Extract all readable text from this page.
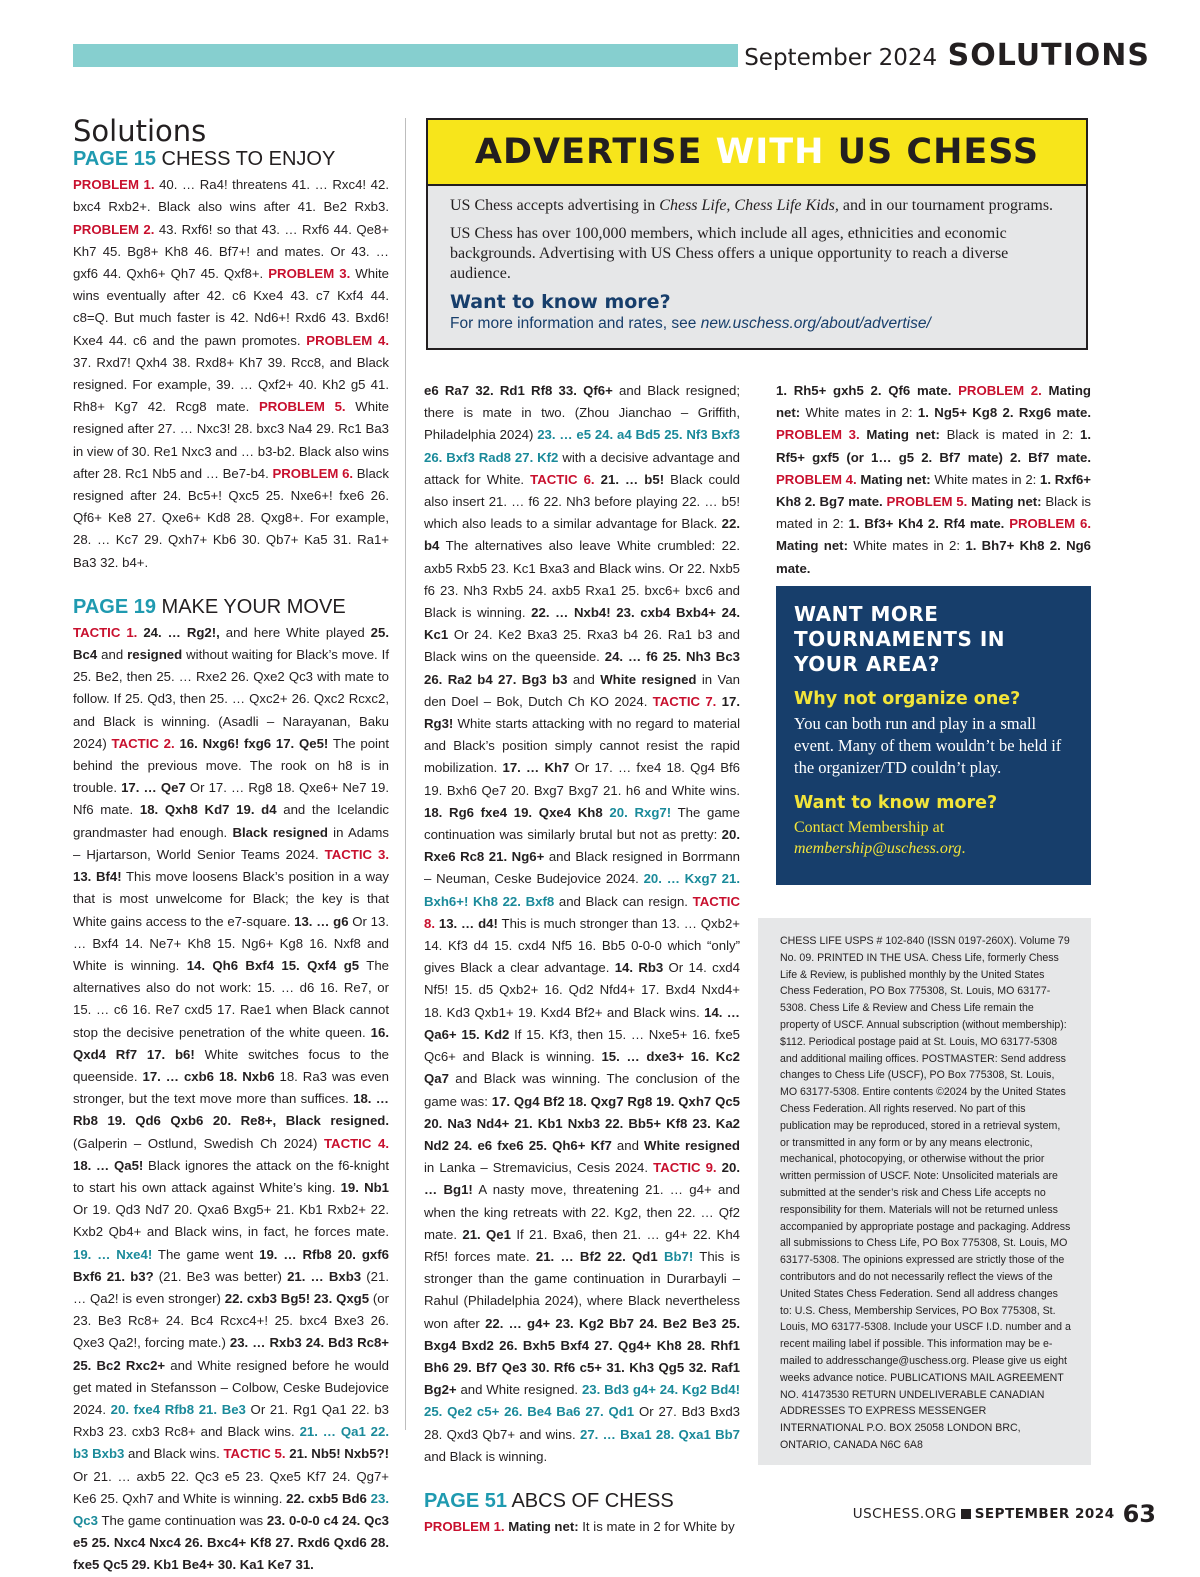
September 2024 SOLUTIONS
Solutions
PAGE 15 CHESS TO ENJOY

PROBLEM 1. 40. … Ra4! threatens 41. … Rxc4! 42. bxc4 Rxb2+. Black also wins after 41. Be2 Rxb3. PROBLEM 2. 43. Rxf6! so that 43. … Rxf6 44. Qe8+ Kh7 45. Bg8+ Kh8 46. Bf7+! and mates. Or 43. … gxf6 44. Qxh6+ Qh7 45. Qxf8+. PROBLEM 3. White wins eventually after 42. c6 Kxe4 43. c7 Kxf4 44. c8=Q. But much faster is 42. Nd6+! Rxd6 43. Bxd6! Kxe4 44. c6 and the pawn promotes. PROBLEM 4. 37. Rxd7! Qxh4 38. Rxd8+ Kh7 39. Rcc8, and Black resigned. For example, 39. … Qxf2+ 40. Kh2 g5 41. Rh8+ Kg7 42. Rcg8 mate. PROBLEM 5. White resigned after 27. … Nxc3! 28. bxc3 Na4 29. Rc1 Ba3 in view of 30. Re1 Nxc3 and … b3-b2. Black also wins after 28. Rc1 Nb5 and … Be7-b4. PROBLEM 6. Black resigned after 24. Bc5+! Qxc5 25. Nxe6+! fxe6 26. Qf6+ Ke8 27. Qxe6+ Kd8 28. Qxg8+. For example, 28. … Kc7 29. Qxh7+ Kb6 30. Qb7+ Ka5 31. Ra1+ Ba3 32. b4+.

PAGE 19 MAKE YOUR MOVE

TACTIC 1. 24. … Rg2!, and here White played 25. Bc4 and resigned without waiting for Black’s move. If 25. Be2, then 25. … Rxe2 26. Qxe2 Qc3 with mate to follow. If 25. Qd3, then 25. … Qxc2+ 26. Qxc2 Rcxc2, and Black is winning. (Asadli – Narayanan, Baku 2024) TACTIC 2. 16. Nxg6! fxg6 17. Qe5! The point behind the previous move. The rook on h8 is in trouble. 17. … Qe7 Or 17. … Rg8 18. Qxe6+ Ne7 19. Nf6 mate. 18. Qxh8 Kd7 19. d4 and the Icelandic grandmaster had enough. Black resigned in Adams – Hjartarson, World Senior Teams 2024. TACTIC 3. 13. Bf4! This move loosens Black’s position in a way that is most unwelcome for Black; the key is that White gains access to the e7-square. 13. … g6 Or 13. … Bxf4 14. Ne7+ Kh8 15. Ng6+ Kg8 16. Nxf8 and White is winning. 14. Qh6 Bxf4 15. Qxf4 g5 The alternatives also do not work: 15. … d6 16. Re7, or 15. … c6 16. Re7 cxd5 17. Rae1 when Black cannot stop the decisive penetration of the white queen. 16. Qxd4 Rf7 17. b6! White switches focus to the queenside. 17. … cxb6 18. Nxb6 18. Ra3 was even stronger, but the text move more than suffices. 18. … Rb8 19. Qd6 Qxb6 20. Re8+, Black resigned. (Galperin – Ostlund, Swedish Ch 2024) TACTIC 4. 18. … Qa5! Black ignores the attack on the f6-knight to start his own attack against White’s king. 19. Nb1 Or 19. Qd3 Nd7 20. Qxa6 Bxg5+ 21. Kb1 Rxb2+ 22. Kxb2 Qb4+ and Black wins, in fact, he forces mate. 19. … Nxe4! The game went 19. … Rfb8 20. gxf6 Bxf6 21. b3? (21. Be3 was better) 21. … Bxb3 (21. … Qa2! is even stronger) 22. cxb3 Bg5! 23. Qxg5 (or 23. Be3 Rc8+ 24. Bc4 Rcxc4+! 25. bxc4 Bxe3 26. Qxe3 Qa2!, forcing mate.) 23. … Rxb3 24. Bd3 Rc8+ 25. Bc2 Rxc2+ and White resigned before he would get mated in Stefansson – Colbow, Ceske Budejovice 2024. 20. fxe4 Rfb8 21. Be3 Or 21. Rg1 Qa1 22. b3 Rxb3 23. cxb3 Rc8+ and Black wins. 21. … Qa1 22. b3 Bxb3 and Black wins. TACTIC 5. 21. Nb5! Nxb5?! Or 21. … axb5 22. Qc3 e5 23. Qxe5 Kf7 24. Qg7+ Ke6 25. Qxh7 and White is winning. 22. cxb5 Bd6 23. Qc3 The game continuation was 23. 0-0-0 c4 24. Qc3 e5 25. Nxc4 Nxc4 26. Bxc4+ Kf8 27. Rxd6 Qxd6 28. fxe5 Qc5 29. Kb1 Be4+ 30. Ka1 Ke7 31.

ADVERTISE WITH US CHESS

US Chess accepts advertising in Chess Life, Chess Life Kids, and in our tournament programs.

US Chess has over 100,000 members, which include all ages, ethnicities and economic backgrounds. Advertising with US Chess offers a unique opportunity to reach a diverse audience.

Want to know more?
For more information and rates, see new.uschess.org/about/advertise/

e6 Ra7 32. Rd1 Rf8 33. Qf6+ and Black resigned; there is mate in two. (Zhou Jianchao – Griffith, Philadelphia 2024) 23. … e5 24. a4 Bd5 25. Nf3 Bxf3 26. Bxf3 Rad8 27. Kf2 with a decisive advantage and attack for White. TACTIC 6. 21. … b5! Black could also insert 21. … f6 22. Nh3 before playing 22. … b5! which also leads to a similar advantage for Black. 22. b4 The alternatives also leave White crumbled: 22. axb5 Rxb5 23. Kc1 Bxa3 and Black wins. Or 22. Nxb5 f6 23. Nh3 Rxb5 24. axb5 Rxa1 25. bxc6+ bxc6 and Black is winning. 22. … Nxb4! 23. cxb4 Bxb4+ 24. Kc1 Or 24. Ke2 Bxa3 25. Rxa3 b4 26. Ra1 b3 and Black wins on the queenside. 24. … f6 25. Nh3 Bc3 26. Ra2 b4 27. Bg3 b3 and White resigned in Van den Doel – Bok, Dutch Ch KO 2024. TACTIC 7. 17. Rg3! White starts attacking with no regard to material and Black’s position simply cannot resist the rapid mobilization. 17. … Kh7 Or 17. … fxe4 18. Qg4 Bf6 19. Bxh6 Qe7 20. Bxg7 Bxg7 21. h6 and White wins. 18. Rg6 fxe4 19. Qxe4 Kh8 20. Rxg7! The game continuation was similarly brutal but not as pretty: 20. Rxe6 Rc8 21. Ng6+ and Black resigned in Borrmann – Neuman, Ceske Budejovice 2024. 20. … Kxg7 21. Bxh6+! Kh8 22. Bxf8 and Black can resign. TACTIC 8. 13. … d4! This is much stronger than 13. … Qxb2+ 14. Kf3 d4 15. cxd4 Nf5 16. Bb5 0-0-0 which “only” gives Black a clear advantage. 14. Rb3 Or 14. cxd4 Nf5! 15. d5 Qxb2+ 16. Qd2 Nfd4+ 17. Bxd4 Nxd4+ 18. Kd3 Qxb1+ 19. Kxd4 Bf2+ and Black wins. 14. … Qa6+ 15. Kd2 If 15. Kf3, then 15. … Nxe5+ 16. fxe5 Qc6+ and Black is winning. 15. … dxe3+ 16. Kc2 Qa7 and Black was winning. The conclusion of the game was: 17. Qg4 Bf2 18. Qxg7 Rg8 19. Qxh7 Qc5 20. Na3 Nd4+ 21. Kb1 Nxb3 22. Bb5+ Kf8 23. Ka2 Nd2 24. e6 fxe6 25. Qh6+ Kf7 and White resigned in Lanka – Stremavicius, Cesis 2024. TACTIC 9. 20. … Bg1! A nasty move, threatening 21. … g4+ and when the king retreats with 22. Kg2, then 22. … Qf2 mate. 21. Qe1 If 21. Bxa6, then 21. … g4+ 22. Kh4 Rf5! forces mate. 21. … Bf2 22. Qd1 Bb7! This is stronger than the game continuation in Durarbayli – Rahul (Philadelphia 2024), where Black nevertheless won after 22. … g4+ 23. Kg2 Bb7 24. Be2 Be3 25. Bxg4 Bxd2 26. Bxh5 Bxf4 27. Qg4+ Kh8 28. Rhf1 Bh6 29. Bf7 Qe3 30. Rf6 c5+ 31. Kh3 Qg5 32. Raf1 Bg2+ and White resigned. 23. Bd3 g4+ 24. Kg2 Bd4! 25. Qe2 c5+ 26. Be4 Ba6 27. Qd1 Or 27. Bd3 Bxd3 28. Qxd3 Qb7+ and wins. 27. … Bxa1 28. Qxa1 Bb7 and Black is winning.

PAGE 51 ABCS OF CHESS

PROBLEM 1. Mating net: It is mate in 2 for White by

1. Rh5+ gxh5 2. Qf6 mate. PROBLEM 2. Mating net: White mates in 2: 1. Ng5+ Kg8 2. Rxg6 mate. PROBLEM 3. Mating net: Black is mated in 2: 1. Rf5+ gxf5 (or 1… g5 2. Bf7 mate) 2. Bf7 mate. PROBLEM 4. Mating net: White mates in 2: 1. Rxf6+ Kh8 2. Bg7 mate. PROBLEM 5. Mating net: Black is mated in 2: 1. Bf3+ Kh4 2. Rf4 mate. PROBLEM 6. Mating net: White mates in 2: 1. Bh7+ Kh8 2. Ng6 mate.

WANT MORE TOURNAMENTS IN YOUR AREA?
Why not organize one?
You can both run and play in a small event. Many of them wouldn’t be held if the organizer/TD couldn’t play.
Want to know more?
Contact Membership at
membership@uschess.org.
CHESS LIFE USPS # 102-840 (ISSN 0197-260X). Volume 79 No. 09. PRINTED IN THE USA. Chess Life, formerly Chess Life & Review, is published monthly by the United States Chess Federation, PO Box 775308, St. Louis, MO 63177-5308. Chess Life & Review and Chess Life remain the property of USCF. Annual subscription (without membership): $112. Periodical postage paid at St. Louis, MO 63177-5308 and additional mailing offices. POSTMASTER: Send address changes to Chess Life (USCF), PO Box 775308, St. Louis, MO 63177-5308. Entire contents ©2024 by the United States Chess Federation. All rights reserved. No part of this publication may be reproduced, stored in a retrieval system, or transmitted in any form or by any means electronic, mechanical, photocopying, or otherwise without the prior written permission of USCF. Note: Unsolicited materials are submitted at the sender’s risk and Chess Life accepts no responsibility for them. Materials will not be returned unless accompanied by appropriate postage and packaging. Address all submissions to Chess Life, PO Box 775308, St. Louis, MO 63177-5308. The opinions expressed are strictly those of the contributors and do not necessarily reflect the views of the United States Chess Federation. Send all address changes to: U.S. Chess, Membership Services, PO Box 775308, St. Louis, MO 63177-5308. Include your USCF I.D. number and a recent mailing label if possible. This information may be e-mailed to addresschange@uschess.org. Please give us eight weeks advance notice. PUBLICATIONS MAIL AGREEMENT NO. 41473530 RETURN UNDELIVERABLE CANADIAN ADDRESSES TO EXPRESS MESSENGER INTERNATIONAL P.O. BOX 25058 LONDON BRC, ONTARIO, CANADA N6C 6A8
USCHESS.ORG SEPTEMBER 2024 63
